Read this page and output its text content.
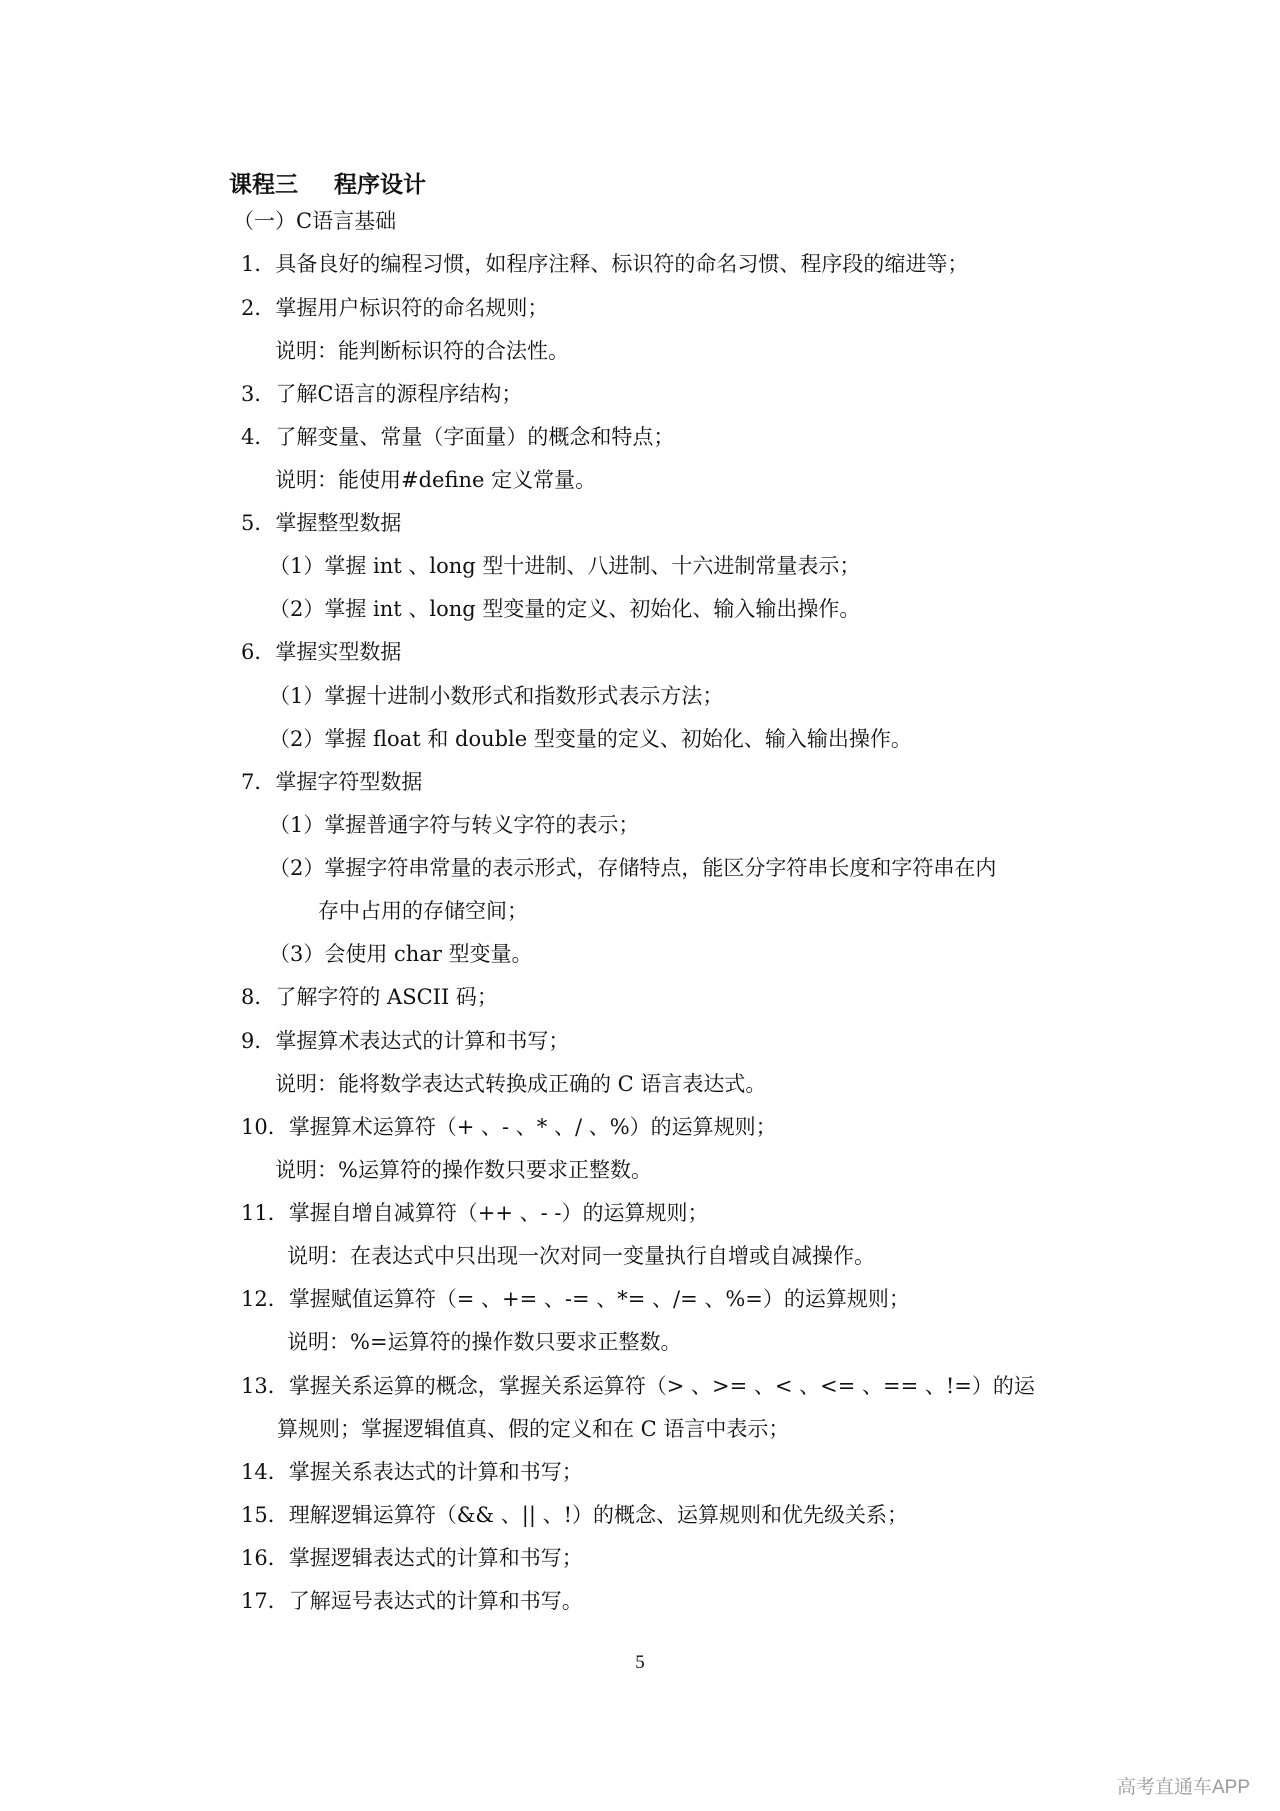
课程三 程序设计
（一）C语言基础
1．具备良好的编程习惯，如程序注释、标识符的命名习惯、程序段的缩进等；
2．掌握用户标识符的命名规则；
说明：能判断标识符的合法性。
3．了解C语言的源程序结构；
4．了解变量、常量（字面量）的概念和特点；
说明：能使用#define 定义常量。
5．掌握整型数据
（1）掌握 int 、long 型十进制、八进制、十六进制常量表示；
（2）掌握 int 、long 型变量的定义、初始化、输入输出操作。
6．掌握实型数据
（1）掌握十进制小数形式和指数形式表示方法；
（2）掌握 float 和 double 型变量的定义、初始化、输入输出操作。
7．掌握字符型数据
（1）掌握普通字符与转义字符的表示；
（2）掌握字符串常量的表示形式，存储特点，能区分字符串长度和字符串在内
存中占用的存储空间；
（3）会使用 char 型变量。
8．了解字符的 ASCII 码；
9．掌握算术表达式的计算和书写；
说明：能将数学表达式转换成正确的 C 语言表达式。
10．掌握算术运算符（+ 、- 、* 、/ 、%）的运算规则；
说明：%运算符的操作数只要求正整数。
11．掌握自增自减算符（++ 、- -）的运算规则；
说明：在表达式中只出现一次对同一变量执行自增或自减操作。
12．掌握赋值运算符（= 、+= 、-= 、*= 、/= 、%=）的运算规则；
说明：%=运算符的操作数只要求正整数。
13．掌握关系运算的概念，掌握关系运算符（> 、>= 、< 、<= 、== 、!=）的运
算规则；掌握逻辑值真、假的定义和在 C 语言中表示；
14．掌握关系表达式的计算和书写；
15．理解逻辑运算符（&& 、|| 、!）的概念、运算规则和优先级关系；
16．掌握逻辑表达式的计算和书写；
17．了解逗号表达式的计算和书写。
5
高考直通车APP
